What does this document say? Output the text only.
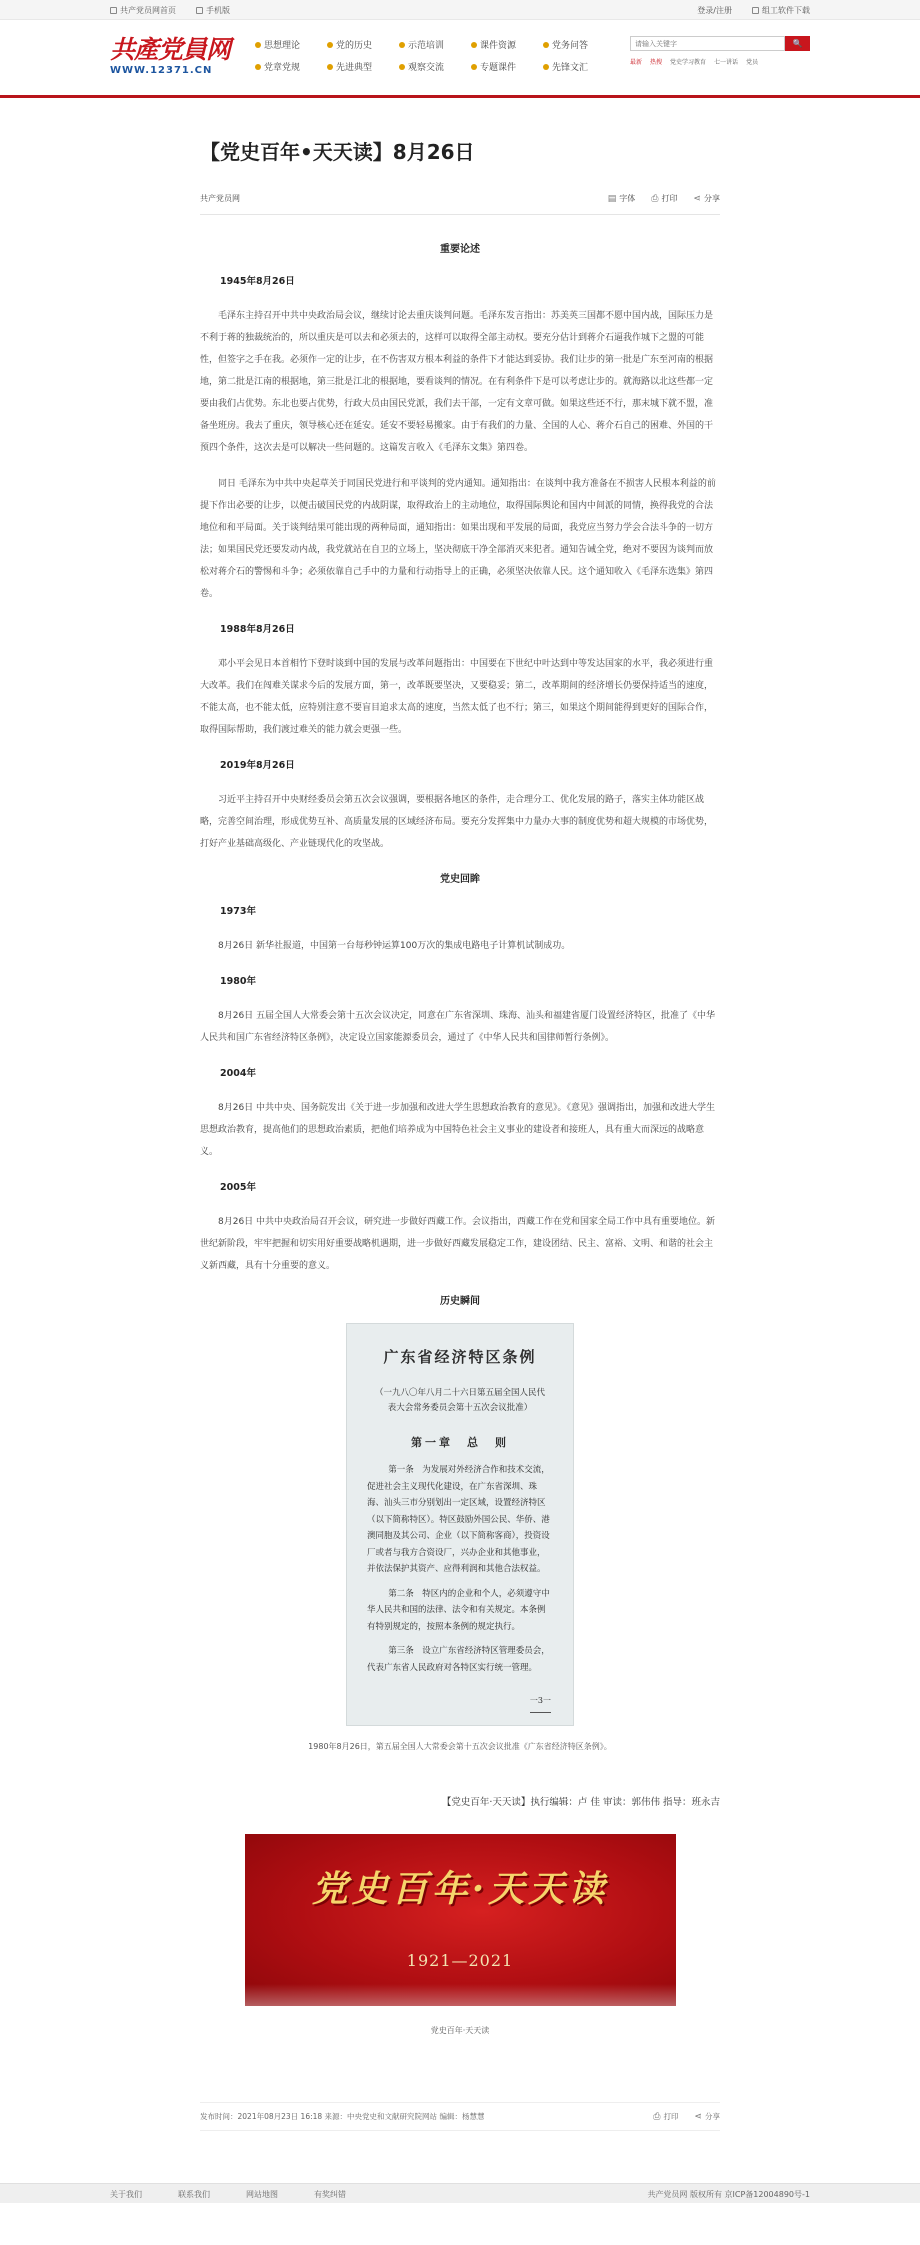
共产党员网首页	手机版	登录/注册	组工软件下载
共產党員网
WWW.12371.CN
思想理论	党的历史	示范培训	课件资源	党务问答
党章党规	先进典型	观察交流	专题课件	先锋文汇
请输入关键字
🔍
最新 热搜 党史学习教育 七一讲话 党员
【党史百年•天天读】8月26日
共产党员网	▤ 字体 ⎙ 打印 ⋖ 分享
重要论述
1945年8月26日

毛泽东主持召开中共中央政治局会议，继续讨论去重庆谈判问题。毛泽东发言指出：苏美英三国都不愿中国内战，国际压力是不利于蒋的独裁统治的，所以重庆是可以去和必须去的，这样可以取得全部主动权。要充分估计到蒋介石逼我作城下之盟的可能性，但签字之手在我。必须作一定的让步，在不伤害双方根本利益的条件下才能达到妥协。我们让步的第一批是广东至河南的根据地，第二批是江南的根据地，第三批是江北的根据地，要看谈判的情况。在有利条件下是可以考虑让步的。就海路以北这些都一定要由我们占优势。东北也要占优势，行政大员由国民党派，我们去干部，一定有文章可做。如果这些还不行，那末城下就不盟，准备坐班房。我去了重庆，领导核心还在延安。延安不要轻易搬家。由于有我们的力量、全国的人心、蒋介石自己的困难、外国的干预四个条件，这次去是可以解决一些问题的。这篇发言收入《毛泽东文集》第四卷。

同日 毛泽东为中共中央起草关于同国民党进行和平谈判的党内通知。通知指出：在谈判中我方准备在不损害人民根本利益的前提下作出必要的让步，以便击破国民党的内战阴谋，取得政治上的主动地位，取得国际舆论和国内中间派的同情，换得我党的合法地位和和平局面。关于谈判结果可能出现的两种局面，通知指出：如果出现和平发展的局面，我党应当努力学会合法斗争的一切方法；如果国民党还要发动内战，我党就站在自卫的立场上，坚决彻底干净全部消灭来犯者。通知告诫全党，绝对不要因为谈判而放松对蒋介石的警惕和斗争；必须依靠自己手中的力量和行动指导上的正确，必须坚决依靠人民。这个通知收入《毛泽东选集》第四卷。

1988年8月26日

邓小平会见日本首相竹下登时谈到中国的发展与改革问题指出：中国要在下世纪中叶达到中等发达国家的水平，我必须进行重大改革。我们在闯难关谋求今后的发展方面，第一，改革既要坚决，又要稳妥；第二，改革期间的经济增长仍要保持适当的速度，不能太高，也不能太低，应特别注意不要盲目追求太高的速度，当然太低了也不行；第三，如果这个期间能得到更好的国际合作，取得国际帮助，我们渡过难关的能力就会更强一些。

2019年8月26日

习近平主持召开中央财经委员会第五次会议强调，要根据各地区的条件，走合理分工、优化发展的路子，落实主体功能区战略，完善空间治理，形成优势互补、高质量发展的区域经济布局。要充分发挥集中力量办大事的制度优势和超大规模的市场优势，打好产业基础高级化、产业链现代化的攻坚战。

党史回眸
1973年

8月26日 新华社报道，中国第一台每秒钟运算100万次的集成电路电子计算机试制成功。

1980年

8月26日 五届全国人大常委会第十五次会议决定，同意在广东省深圳、珠海、汕头和福建省厦门设置经济特区，批准了《中华人民共和国广东省经济特区条例》，决定设立国家能源委员会，通过了《中华人民共和国律师暂行条例》。

2004年

8月26日 中共中央、国务院发出《关于进一步加强和改进大学生思想政治教育的意见》。《意见》强调指出，加强和改进大学生思想政治教育，提高他们的思想政治素质，把他们培养成为中国特色社会主义事业的建设者和接班人，具有重大而深远的战略意义。

2005年

8月26日 中共中央政治局召开会议，研究进一步做好西藏工作。会议指出，西藏工作在党和国家全局工作中具有重要地位。新世纪新阶段，牢牢把握和切实用好重要战略机遇期，进一步做好西藏发展稳定工作，建设团结、民主、富裕、文明、和谐的社会主义新西藏，具有十分重要的意义。

历史瞬间
广东省经济特区条例
（一九八〇年八月二十六日第五届全国人民代表大会常务委员会第十五次会议批准）
第一章　总　则
第一条　为发展对外经济合作和技术交流，促进社会主义现代化建设，在广东省深圳、珠海、汕头三市分别划出一定区域，设置经济特区（以下简称特区）。特区鼓励外国公民、华侨、港澳同胞及其公司、企业（以下简称客商），投资设厂或者与我方合资设厂，兴办企业和其他事业，并依法保护其资产、应得利润和其他合法权益。
第二条　特区内的企业和个人，必须遵守中华人民共和国的法律、法令和有关规定。本条例有特别规定的，按照本条例的规定执行。
第三条　设立广东省经济特区管理委员会，代表广东省人民政府对各特区实行统一管理。
一3一
1980年8月26日，第五届全国人大常委会第十五次会议批准《广东省经济特区条例》。
【党史百年·天天读】执行编辑：卢 佳 审读：郭伟伟 指导：班永吉
党史百年·天天读
1921—2021
党史百年·天天读
发布时间：2021年08月23日 16:18 来源：中央党史和文献研究院网站 编辑：杨慧慧	⎙ 打印 ⋖ 分享
关于我们	联系我们	网站地图	有奖纠错	共产党员网 版权所有 京ICP备12004890号-1
